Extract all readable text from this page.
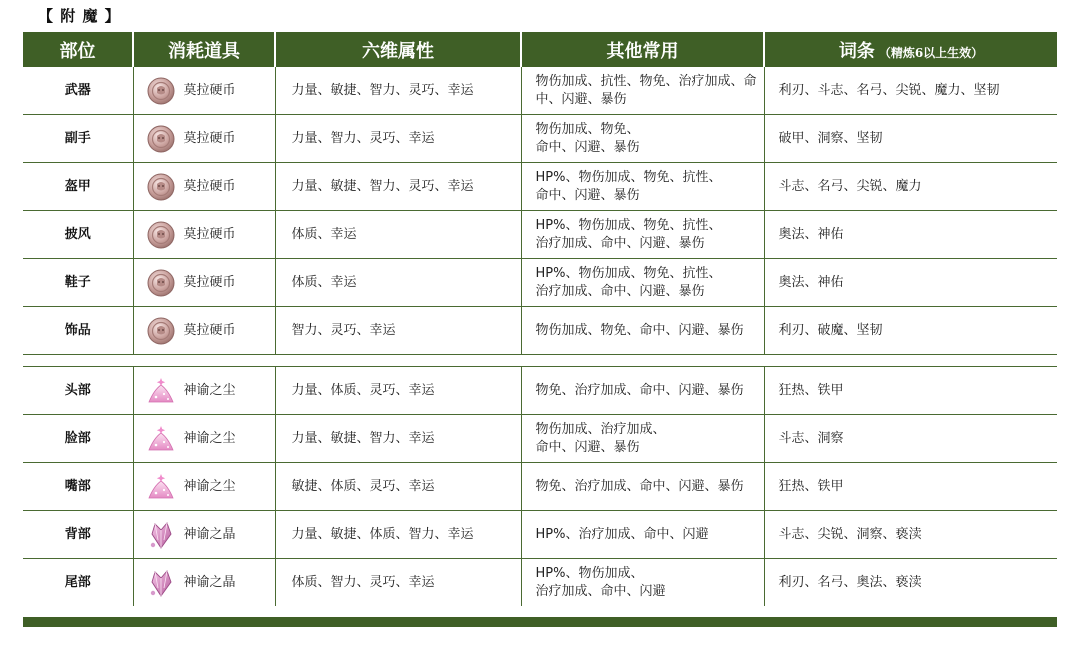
【 附 魔 】
部位	消耗道具	六维属性	其他常用	词条 （精炼6以上生效）
武器	莫拉硬币	力量、敏捷、智力、灵巧、幸运	物伤加成、抗性、物免、治疗加成、命
中、闪避、暴伤	利刃、斗志、名弓、尖锐、魔力、坚韧
副手	莫拉硬币	力量、智力、灵巧、幸运	物伤加成、物免、
命中、闪避、暴伤	破甲、洞察、坚韧
盔甲	莫拉硬币	力量、敏捷、智力、灵巧、幸运	HP%、物伤加成、物免、抗性、
命中、闪避、暴伤	斗志、名弓、尖锐、魔力
披风	莫拉硬币	体质、幸运	HP%、物伤加成、物免、抗性、
治疗加成、命中、闪避、暴伤	奥法、神佑
鞋子	莫拉硬币	体质、幸运	HP%、物伤加成、物免、抗性、
治疗加成、命中、闪避、暴伤	奥法、神佑
饰品	莫拉硬币	智力、灵巧、幸运	物伤加成、物免、命中、闪避、暴伤	利刃、破魔、坚韧

头部	神谕之尘	力量、体质、灵巧、幸运	物免、治疗加成、命中、闪避、暴伤	狂热、铁甲
脸部	神谕之尘	力量、敏捷、智力、幸运	物伤加成、治疗加成、
命中、闪避、暴伤	斗志、洞察
嘴部	神谕之尘	敏捷、体质、灵巧、幸运	物免、治疗加成、命中、闪避、暴伤	狂热、铁甲
背部	神谕之晶	力量、敏捷、体质、智力、幸运	HP%、治疗加成、命中、闪避	斗志、尖锐、洞察、亵渎
尾部	神谕之晶	体质、智力、灵巧、幸运	HP%、物伤加成、
治疗加成、命中、闪避	利刃、名弓、奥法、亵渎
